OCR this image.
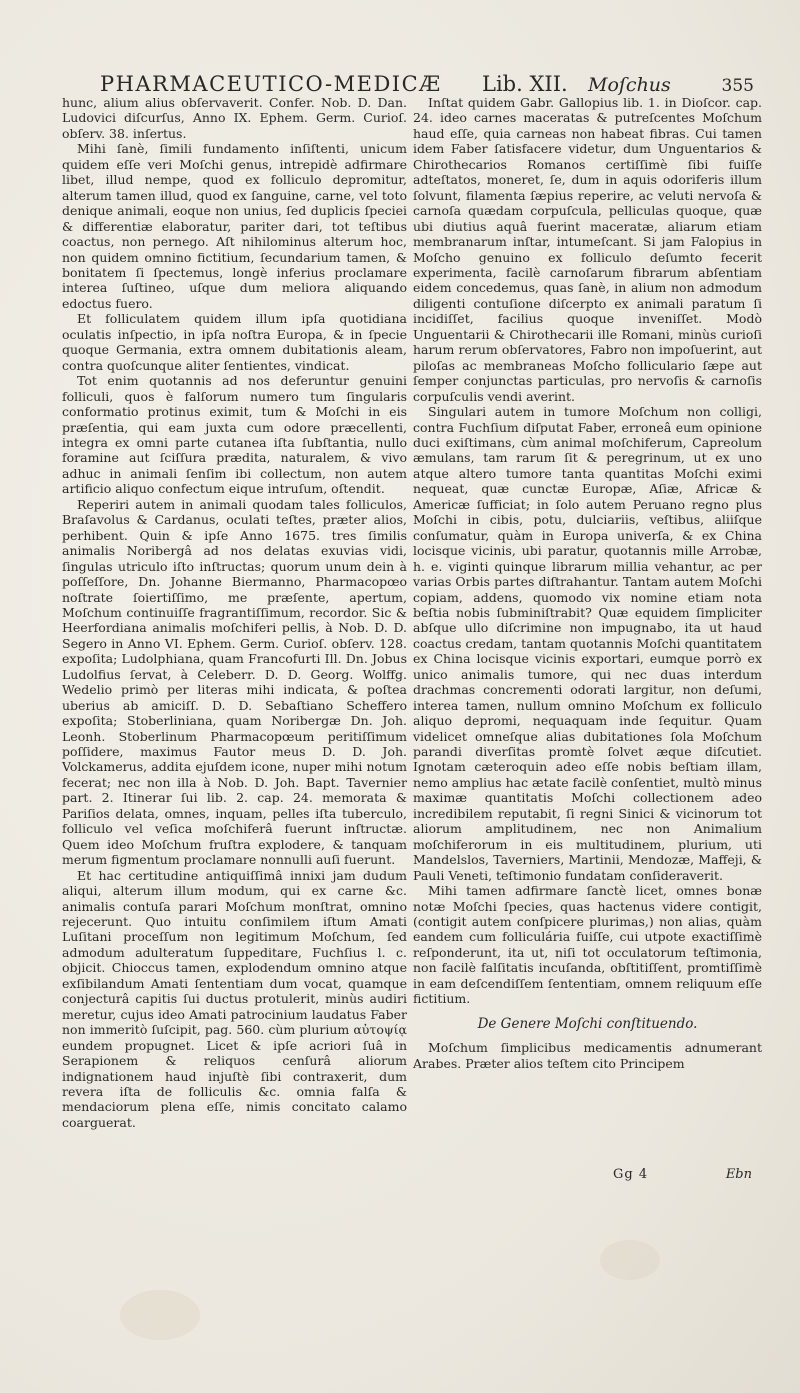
PHARMACEUTICO-MEDICÆ Lib. XII. Moſchus	355

hunc, alium alius obſervaverit. Confer. Nob. D. Dan. Ludovici diſcurſus, Anno IX. Ephem. Germ. Curioſ. obſerv. 38. inſertus.

Mihi ſanè, ſimili fundamento inſiſtenti, unicum quidem eſſe veri Moſchi genus, intrepidè adfirmare libet, illud nempe, quod ex folliculo depromitur, alterum tamen illud, quod ex ſanguine, carne, vel toto denique animali, eoque non unius, ſed duplicis ſpeciei & differentiæ elaboratur, pariter dari, tot teſtibus coactus, non pernego. Aſt nihilominus alterum hoc, non quidem omnino fictitium, ſecundarium tamen, & bonitatem ſi ſpectemus, longè inferius proclamare interea ſuſtineo, uſque dum meliora aliquando edoctus fuero.

Et folliculatem quidem illum ipſa quotidiana oculatis inſpectio, in ipſa noſtra Europa, & in ſpecie quoque Germania, extra omnem dubitationis aleam, contra quoſcunque aliter ſentientes, vindicat.

Tot enim quotannis ad nos deferuntur genuini folliculi, quos è falſorum numero tum ſingularis conformatio protinus eximit, tum & Moſchi in eis præſentia, qui eam juxta cum odore præcellenti, integra ex omni parte cutanea iſta ſubſtantia, nullo foramine aut ſciſſura prædita, naturalem, & vivo adhuc in animali ſenſim ibi collectum, non autem artificio aliquo confectum eique intruſum, oſtendit.

Reperiri autem in animali quodam tales folliculos, Braſavolus & Cardanus, oculati teſtes, præter alios, perhibent. Quin & ipſe Anno 1675. tres ſimilis animalis Noribergâ ad nos delatas exuvias vidi, ſingulas utriculo iſto inſtructas; quorum unum dein à poſſeſſore, Dn. Johanne Biermanno, Pharmacopœo noſtrate ſoiertiſſimo, me præſente, apertum, Moſchum continuiſſe fragrantiſſimum, recordor. Sic & Heerfordiana animalis moſchiferi pellis, à Nob. D. D. Segero in Anno VI. Ephem. Germ. Curioſ. obſerv. 128. expoſita; Ludolphiana, quam Francofurti Ill. Dn. Jobus Ludolfius ſervat, à Celeberr. D. D. Georg. Wolffg. Wedelio primò per literas mihi indicata, & poſtea uberius ab amiciſſ. D. D. Sebaſtiano Scheffero expoſita; Stoberliniana, quam Noribergæ Dn. Joh. Leonh. Stoberlinum Pharmacopœum peritiſſimum poſſidere, maximus Fautor meus D. D. Joh. Volckamerus, addita ejuſdem icone, nuper mihi notum fecerat; nec non illa à Nob. D. Joh. Bapt. Tavernier part. 2. Itinerar ſui lib. 2. cap. 24. memorata & Pariſios delata, omnes, inquam, pelles iſta tuberculo, folliculo vel veſica moſchiferâ fuerunt inſtructæ. Quem ideo Moſchum fruſtra explodere, & tanquam merum figmentum proclamare nonnulli auſi fuerunt.

Et hac certitudine antiquiſſimâ innixi jam dudum aliqui, alterum illum modum, qui ex carne &c. animalis contuſa parari Moſchum monſtrat, omnino rejecerunt. Quo intuitu conſimilem iſtum Amati Luſitani proceſſum non legitimum Moſchum, ſed admodum adulteratum ſuppeditare, Fuchſius l. c. objicit. Chioccus tamen, explodendum omnino atque exſibilandum Amati ſententiam dum vocat, quamque conjecturâ capitis ſui ductus protulerit, minùs audiri meretur, cujus ideo Amati patrocinium laudatus Faber non immeritò ſuſcipit, pag. 560. cùm plurium αὐτοψίᾳ eundem propugnet. Licet & ipſe acriori ſuâ in Serapionem & reliquos cenſurâ aliorum indignationem haud injuſtè ſibi contraxerit, dum revera iſta de folliculis &c. omnia falſa & mendaciorum plena eſſe, nimis concitato calamo coarguerat.

Inſtat quidem Gabr. Gallopius lib. 1. in Dioſcor. cap. 24. ideo carnes maceratas & putreſcentes Moſchum haud eſſe, quia carneas non habeat fibras. Cui tamen idem Faber ſatisfacere videtur, dum Unguentarios & Chirothecarios Romanos certiſſimè ſibi fuiſſe adteſtatos, moneret, ſe, dum in aquis odoriferis illum ſolvunt, filamenta ſæpius reperire, ac veluti nervoſa & carnoſa quædam corpuſcula, pelliculas quoque, quæ ubi diutius aquâ fuerint maceratæ, aliarum etiam membranarum inſtar, intumeſcant. Si jam Falopius in Moſcho genuino ex folliculo deſumto fecerit experimenta, facilè carnoſarum fibrarum abſentiam eidem concedemus, quas ſanè, in alium non admodum diligenti contuſione diſcerpto ex animali paratum ſi incidiſſet, facilius quoque inveniſſet. Modò Unguentarii & Chirothecarii ille Romani, minùs curioſi harum rerum obſervatores, Fabro non impoſuerint, aut piloſas ac membraneas Moſcho folliculario ſæpe aut ſemper conjunctas particulas, pro nervoſis & carnoſis corpuſculis vendi averint.

Singulari autem in tumore Moſchum non colligi, contra Fuchſium diſputat Faber, erroneâ eum opinione duci exiſtimans, cùm animal moſchiferum, Capreolum æmulans, tam rarum ſit & peregrinum, ut ex uno atque altero tumore tanta quantitas Moſchi eximi nequeat, quæ cunctæ Europæ, Aſiæ, Africæ & Americæ ſufficiat; in ſolo autem Peruano regno plus Moſchi in cibis, potu, dulciariis, veſtibus, aliiſque conſumatur, quàm in Europa univerſa, & ex China locisque vicinis, ubi paratur, quotannis mille Arrobæ, h. e. viginti quinque librarum millia vehantur, ac per varias Orbis partes diſtrahantur. Tantam autem Moſchi copiam, addens, quomodo vix nomine etiam nota beſtia nobis ſubminiſtrabit? Quæ equidem ſimpliciter abſque ullo diſcrimine non impugnabo, ita ut haud coactus credam, tantam quotannis Moſchi quantitatem ex China locisque vicinis exportari, eumque porrò ex unico animalis tumore, qui nec duas interdum drachmas concrementi odorati largitur, non deſumi, interea tamen, nullum omnino Moſchum ex folliculo aliquo depromi, nequaquam inde ſequitur. Quam videlicet omneſque alias dubitationes ſola Moſchum parandi diverſitas promtè ſolvet æque diſcutiet. Ignotam cæteroquin adeo eſſe nobis beſtiam illam, nemo amplius hac ætate facilè conſentiet, multò minus maximæ quantitatis Moſchi collectionem adeo incredibilem reputabit, ſi regni Sinici & vicinorum tot aliorum amplitudinem, nec non Animalium moſchiferorum in eis multitudinem, plurium, uti Mandelslos, Taverniers, Martinii, Mendozæ, Maffeji, & Pauli Veneti, teſtimonio fundatam conſideraverit.

Mihi tamen adfirmare ſanctè licet, omnes bonæ notæ Moſchi ſpecies, quas hactenus videre contigit, (contigit autem conſpicere plurimas,) non alias, quàm eandem cum folliculária fuiſſe, cui utpote exactiſſimè reſponderunt, ita ut, niſi tot occulatorum teſtimonia, non facilè falſitatis incuſanda, obſtitiſſent, promtiſſimè in eam deſcendiſſem ſententiam, omnem reliquum eſſe fictitium.

De Genere Moſchi conſtituendo.

Moſchum ſimplicibus medicamentis adnumerant Arabes. Præter alios teſtem cito Principem

Gg 4	Ebn
